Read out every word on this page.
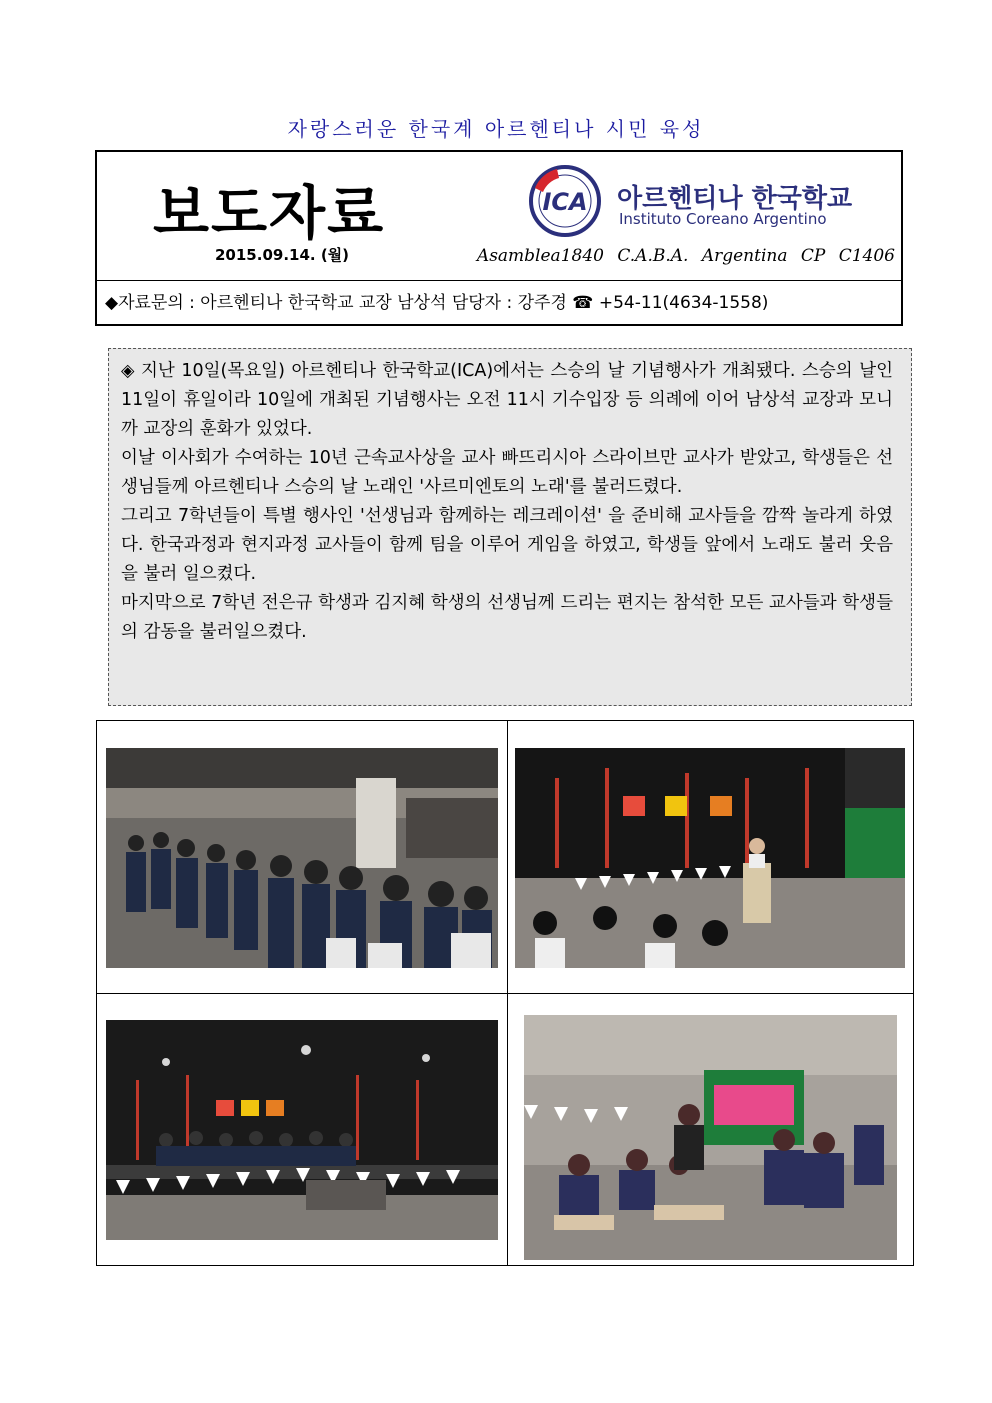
자랑스러운 한국계 아르헨티나 시민 육성
보도자료
2015.09.14. (월)
ICA 아르헨티나 한국학교
Instituto Coreano Argentino
Asamblea1840 C.A.B.A. Argentina CP C1406
◆자료문의 : 아르헨티나 한국학교 교장 남상석 담당자 : 강주경 ☎ +54-11(4634-1558)

◈ 지난 10일(목요일) 아르헨티나 한국학교(ICA)에서는 스승의 날 기념행사가 개최됐다. 스승의 날인 11일이 휴일이라 10일에 개최된 기념행사는 오전 11시 기수입장 등 의례에 이어 남상석 교장과 모니까 교장의 훈화가 있었다.

이날 이사회가 수여하는 10년 근속교사상을 교사 빠뜨리시아 스라이브만 교사가 받았고, 학생들은 선생님들께 아르헨티나 스승의 날 노래인 '사르미엔토의 노래'를 불러드렸다.

그리고 7학년들이 특별 행사인 '선생님과 함께하는 레크레이션' 을 준비해 교사들을 깜짝 놀라게 하였다. 한국과정과 현지과정 교사들이 함께 팀을 이루어 게임을 하였고, 학생들 앞에서 노래도 불러 웃음을 불러 일으켰다.

마지막으로 7학년 전은규 학생과 김지혜 학생의 선생님께 드리는 편지는 참석한 모든 교사들과 학생들의 감동을 불러일으켰다.
